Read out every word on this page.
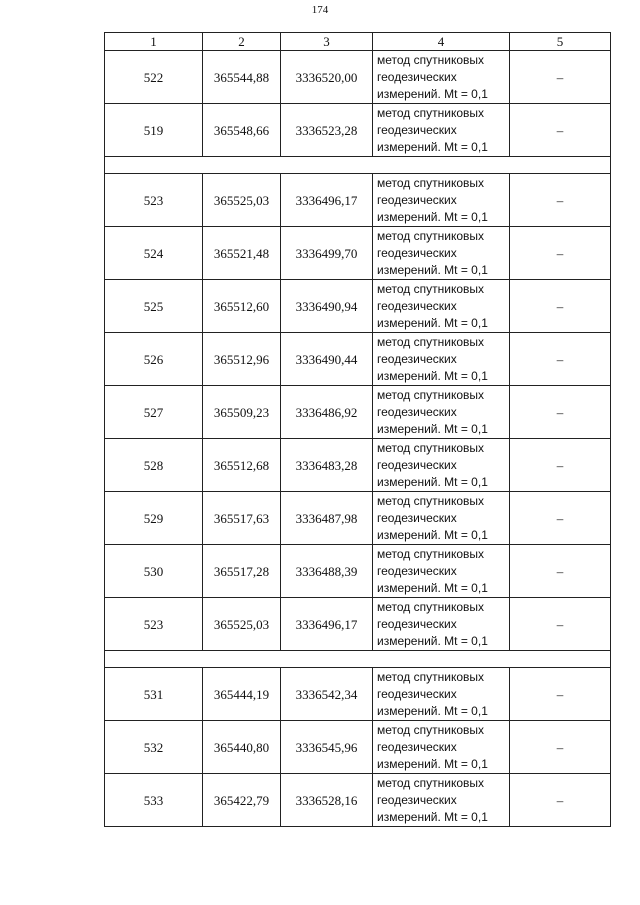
174
1	2	3	4	5
522	365544,88	3336520,00	метод спутниковых геодезических измерений. Mt = 0,1	–
519	365548,66	3336523,28	метод спутниковых геодезических измерений. Mt = 0,1	–

523	365525,03	3336496,17	метод спутниковых геодезических измерений. Mt = 0,1	–
524	365521,48	3336499,70	метод спутниковых геодезических измерений. Mt = 0,1	–
525	365512,60	3336490,94	метод спутниковых геодезических измерений. Mt = 0,1	–
526	365512,96	3336490,44	метод спутниковых геодезических измерений. Mt = 0,1	–
527	365509,23	3336486,92	метод спутниковых геодезических измерений. Mt = 0,1	–
528	365512,68	3336483,28	метод спутниковых геодезических измерений. Mt = 0,1	–
529	365517,63	3336487,98	метод спутниковых геодезических измерений. Mt = 0,1	–
530	365517,28	3336488,39	метод спутниковых геодезических измерений. Mt = 0,1	–
523	365525,03	3336496,17	метод спутниковых геодезических измерений. Mt = 0,1	–

531	365444,19	3336542,34	метод спутниковых геодезических измерений. Mt = 0,1	–
532	365440,80	3336545,96	метод спутниковых геодезических измерений. Mt = 0,1	–
533	365422,79	3336528,16	метод спутниковых геодезических измерений. Mt = 0,1	–
